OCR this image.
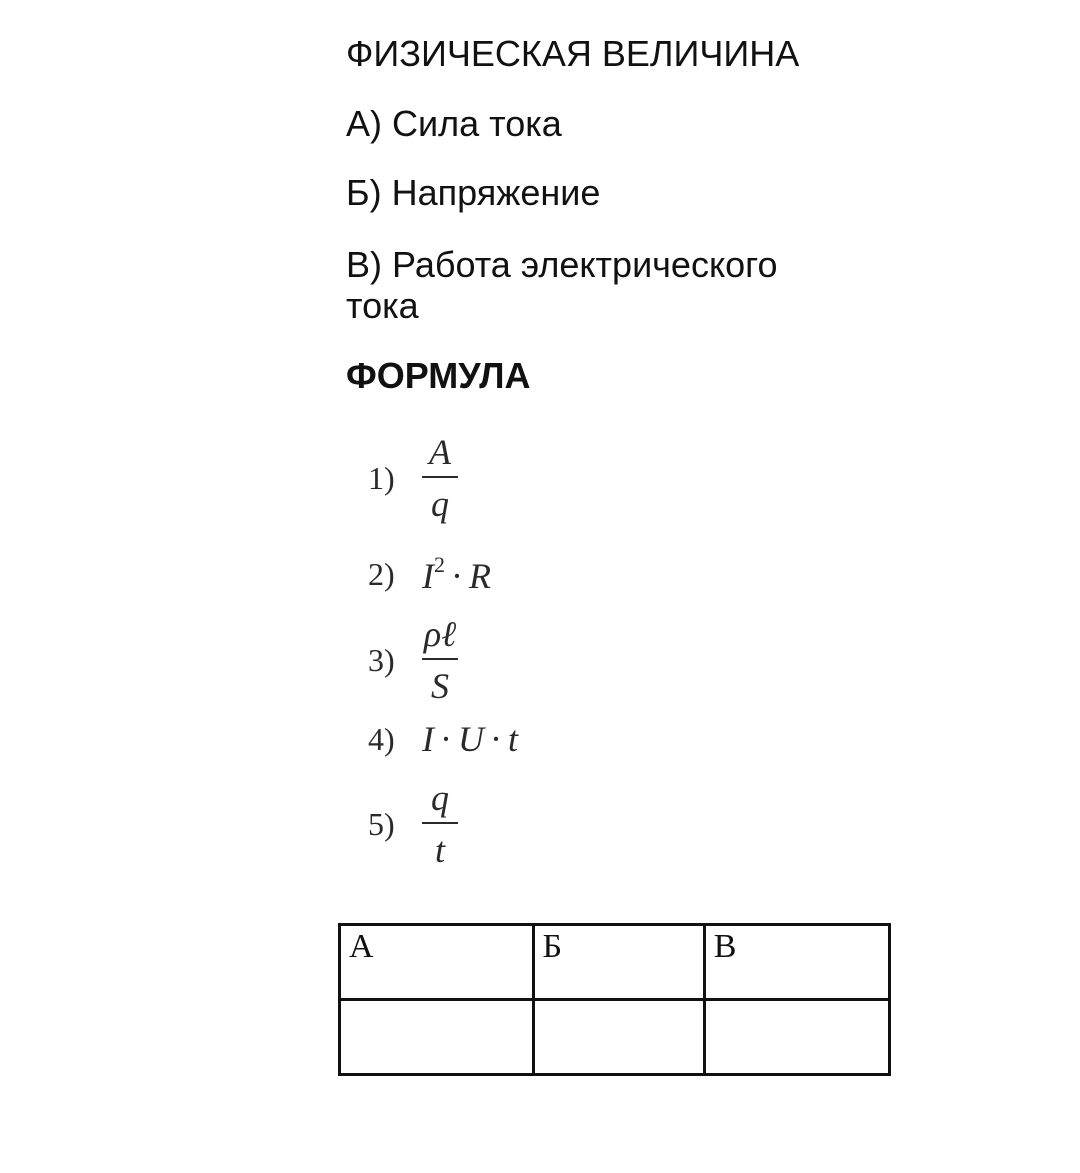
ФИЗИЧЕСКАЯ ВЕЛИЧИНА
А) Сила тока
Б) Напряжение
В) Работа электрического
тока
ФОРМУЛА
$1) \frac{A}{q}$
2) $I^2 \cdot R$
$3) \frac{\text{ρℓ}}{S}$
4) I · U · t
$5) \frac{q}{t}$
А	Б	В
